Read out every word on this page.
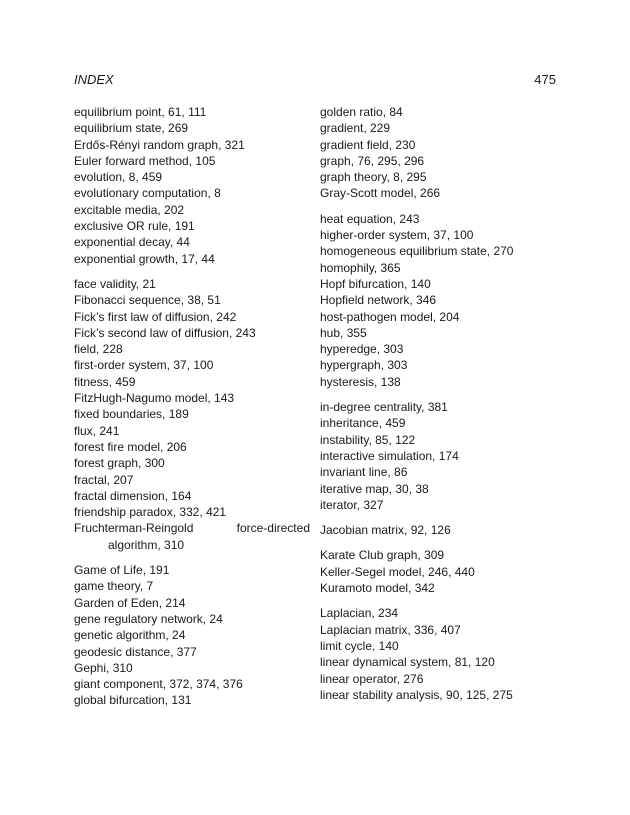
INDEX	475
equilibrium point, 61, 111
equilibrium state, 269
Erdős-Rényi random graph, 321
Euler forward method, 105
evolution, 8, 459
evolutionary computation, 8
excitable media, 202
exclusive OR rule, 191
exponential decay, 44
exponential growth, 17, 44
face validity, 21
Fibonacci sequence, 38, 51
Fick’s first law of diffusion, 242
Fick’s second law of diffusion, 243
field, 228
first-order system, 37, 100
fitness, 459
FitzHugh-Nagumo model, 143
fixed boundaries, 189
flux, 241
forest fire model, 206
forest graph, 300
fractal, 207
fractal dimension, 164
friendship paradox, 332, 421
Fruchterman-Reingold force-directed algorithm, 310
Game of Life, 191
game theory, 7
Garden of Eden, 214
gene regulatory network, 24
genetic algorithm, 24
geodesic distance, 377
Gephi, 310
giant component, 372, 374, 376
global bifurcation, 131
golden ratio, 84
gradient, 229
gradient field, 230
graph, 76, 295, 296
graph theory, 8, 295
Gray-Scott model, 266
heat equation, 243
higher-order system, 37, 100
homogeneous equilibrium state, 270
homophily, 365
Hopf bifurcation, 140
Hopfield network, 346
host-pathogen model, 204
hub, 355
hyperedge, 303
hypergraph, 303
hysteresis, 138
in-degree centrality, 381
inheritance, 459
instability, 85, 122
interactive simulation, 174
invariant line, 86
iterative map, 30, 38
iterator, 327
Jacobian matrix, 92, 126
Karate Club graph, 309
Keller-Segel model, 246, 440
Kuramoto model, 342
Laplacian, 234
Laplacian matrix, 336, 407
limit cycle, 140
linear dynamical system, 81, 120
linear operator, 276
linear stability analysis, 90, 125, 275
